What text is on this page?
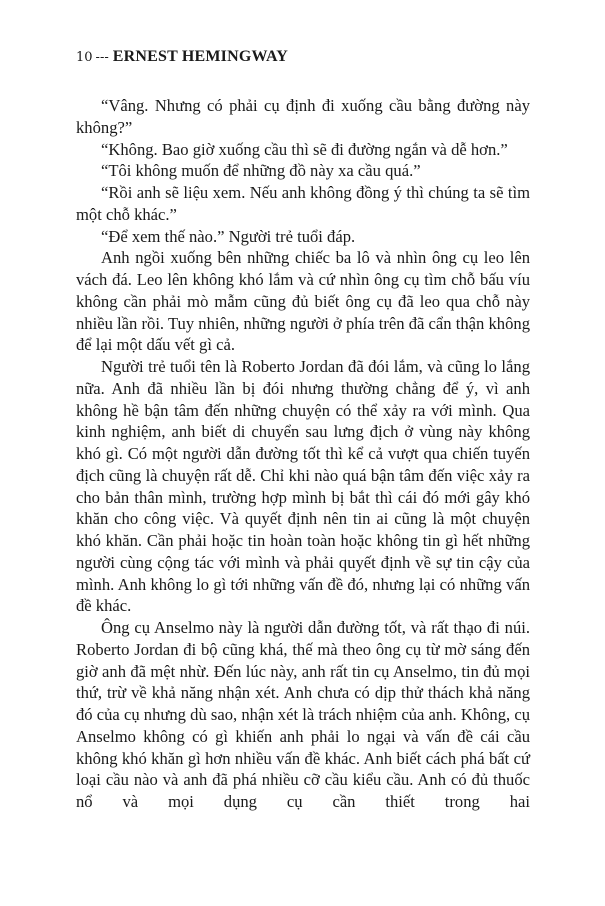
10 --- ERNEST HEMINGWAY

“Vâng. Nhưng có phải cụ định đi xuống cầu bằng đường này không?”

“Không. Bao giờ xuống cầu thì sẽ đi đường ngắn và dễ hơn.”

“Tôi không muốn để những đồ này xa cầu quá.”

“Rồi anh sẽ liệu xem. Nếu anh không đồng ý thì chúng ta sẽ tìm một chỗ khác.”

“Để xem thế nào.” Người trẻ tuổi đáp.

Anh ngồi xuống bên những chiếc ba lô và nhìn ông cụ leo lên vách đá. Leo lên không khó lắm và cứ nhìn ông cụ tìm chỗ bấu víu không cần phải mò mẫm cũng đủ biết ông cụ đã leo qua chỗ này nhiều lần rồi. Tuy nhiên, những người ở phía trên đã cẩn thận không để lại một dấu vết gì cả.

Người trẻ tuổi tên là Roberto Jordan đã đói lắm, và cũng lo lắng nữa. Anh đã nhiều lần bị đói nhưng thường chẳng để ý, vì anh không hề bận tâm đến những chuyện có thể xảy ra với mình. Qua kinh nghiệm, anh biết di chuyển sau lưng địch ở vùng này không khó gì. Có một người dẫn đường tốt thì kể cả vượt qua chiến tuyến địch cũng là chuyện rất dễ. Chỉ khi nào quá bận tâm đến việc xảy ra cho bản thân mình, trường hợp mình bị bắt thì cái đó mới gây khó khăn cho công việc. Và quyết định nên tin ai cũng là một chuyện khó khăn. Cần phải hoặc tin hoàn toàn hoặc không tin gì hết những người cùng cộng tác với mình và phải quyết định về sự tin cậy của mình. Anh không lo gì tới những vấn đề đó, nhưng lại có những vấn đề khác.

Ông cụ Anselmo này là người dẫn đường tốt, và rất thạo đi núi. Roberto Jordan đi bộ cũng khá, thế mà theo ông cụ từ mờ sáng đến giờ anh đã mệt nhừ. Đến lúc này, anh rất tin cụ Anselmo, tin đủ mọi thứ, trừ về khả năng nhận xét. Anh chưa có dịp thử thách khả năng đó của cụ nhưng dù sao, nhận xét là trách nhiệm của anh. Không, cụ Anselmo không có gì khiến anh phải lo ngại và vấn đề cái cầu không khó khăn gì hơn nhiều vấn đề khác. Anh biết cách phá bất cứ loại cầu nào và anh đã phá nhiều cỡ cầu kiểu cầu. Anh có đủ thuốc nổ và mọi dụng cụ cần thiết trong hai
